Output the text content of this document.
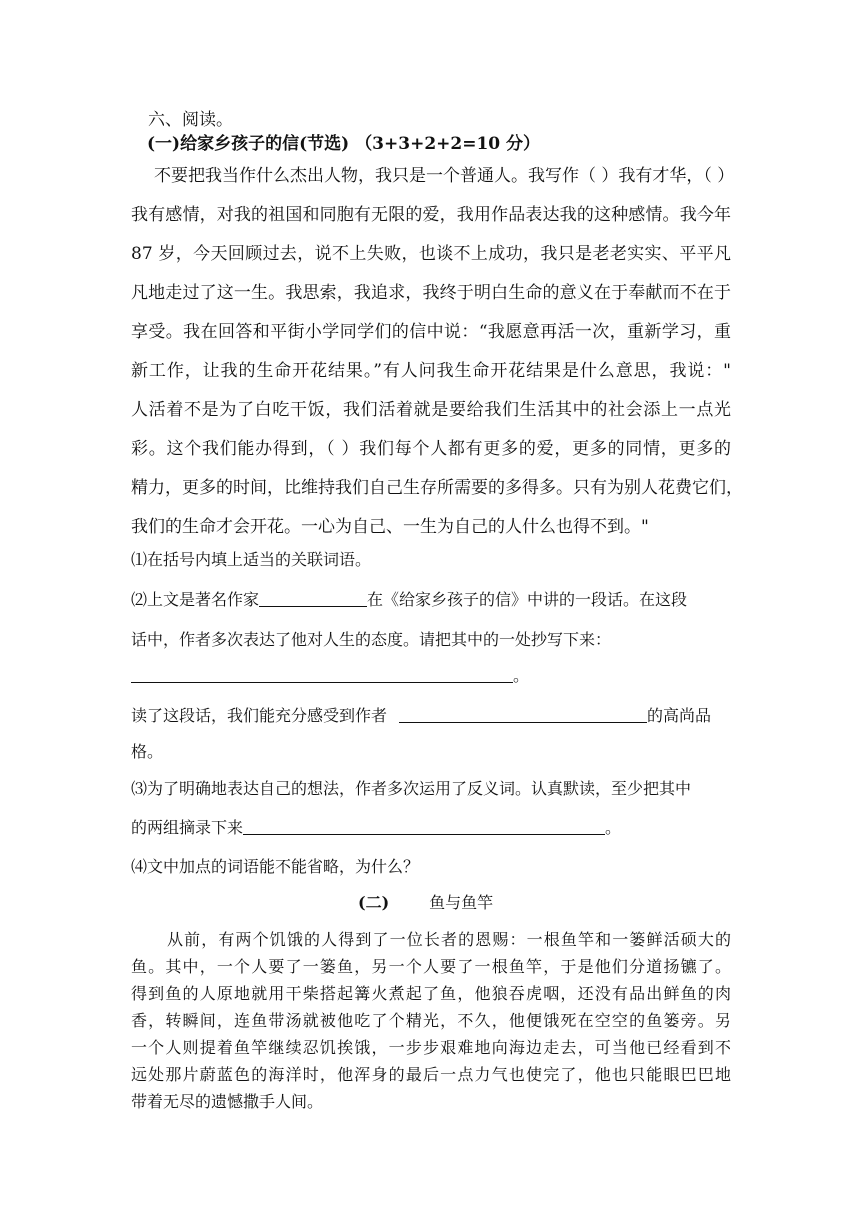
六、阅读。
(一)给家乡孩子的信(节选) （3+3+2+2=10 分）
不要把我当作什么杰出人物，我只是一个普通人。我写作（ ）我有才华，（ ）
我有感情，对我的祖国和同胞有无限的爱，我用作品表达我的这种感情。我今年
87 岁，今天回顾过去，说不上失败，也谈不上成功，我只是老老实实、平平凡
凡地走过了这一生。我思索，我追求，我终于明白生命的意义在于奉献而不在于
享受。我在回答和平街小学同学们的信中说：“我愿意再活一次，重新学习，重
新工作，让我的生命开花结果。”有人问我生命开花结果是什么意思，我说："
人活着不是为了白吃干饭，我们活着就是要给我们生活其中的社会添上一点光
彩。这个我们能办得到，（ ）我们每个人都有更多的爱，更多的同情，更多的
精力，更多的时间，比维持我们自己生存所需要的多得多。只有为别人花费它们，
我们的生命才会开花。一心为自己、一生为自己的人什么也得不到。"
⑴在括号内填上适当的关联词语。
⑵上文是著名作家	在《给家乡孩子的信》中讲的一段话。在这段
话中，作者多次表达了他对人生的态度。请把其中的一处抄写下来：
。
读了这段话，我们能充分感受到作者	的高尚品
格。
⑶为了明确地表达自己的想法，作者多次运用了反义词。认真默读，至少把其中
的两组摘录下来	。
⑷文中加点的词语能不能省略，为什么？
(二)	鱼与鱼竿
从前，有两个饥饿的人得到了一位长者的恩赐：一根鱼竿和一篓鲜活硕大的
鱼。其中，一个人要了一篓鱼，另一个人要了一根鱼竿，于是他们分道扬镳了。
得到鱼的人原地就用干柴搭起篝火煮起了鱼，他狼吞虎咽，还没有品出鲜鱼的肉
香，转瞬间，连鱼带汤就被他吃了个精光，不久，他便饿死在空空的鱼篓旁。另
一个人则提着鱼竿继续忍饥挨饿，一步步艰难地向海边走去，可当他已经看到不
远处那片蔚蓝色的海洋时，他浑身的最后一点力气也使完了，他也只能眼巴巴地
带着无尽的遗憾撒手人间。
